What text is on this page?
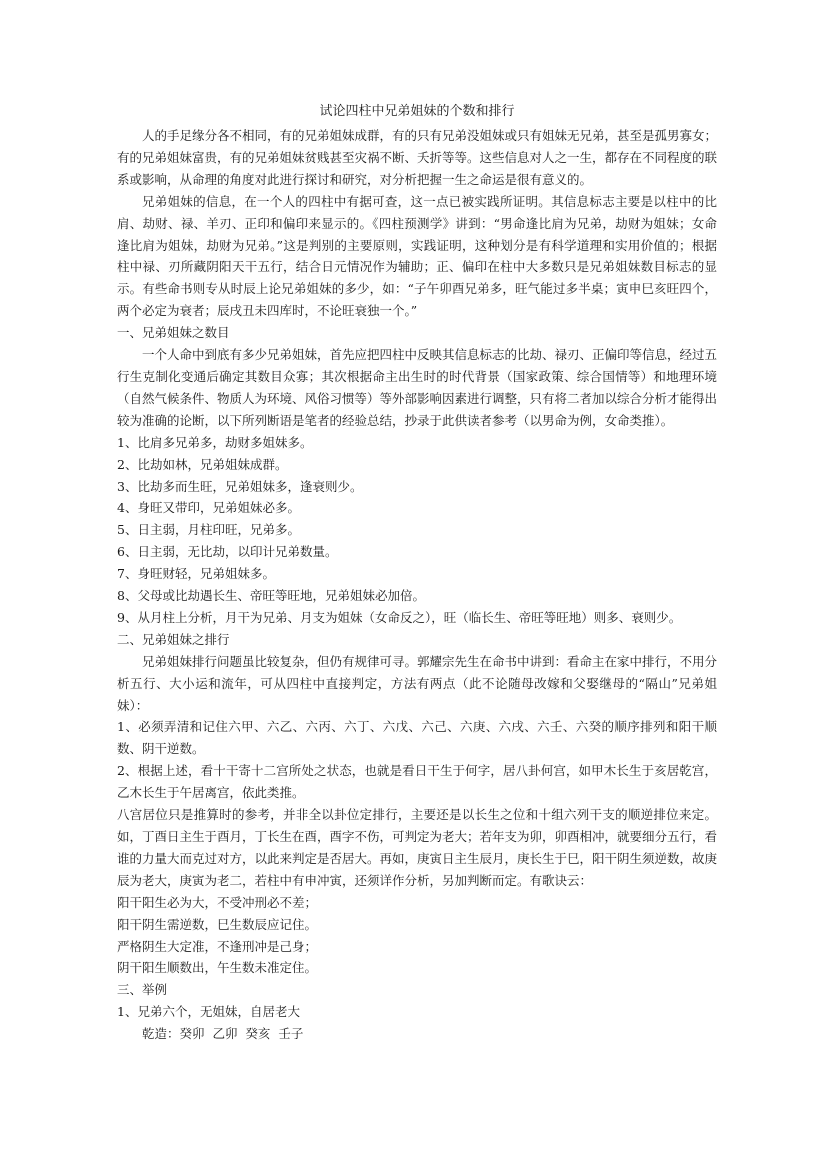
试论四柱中兄弟姐妹的个数和排行

人的手足缘分各不相同，有的兄弟姐妹成群，有的只有兄弟没姐妹或只有姐妹无兄弟，甚至是孤男寡女；有的兄弟姐妹富贵，有的兄弟姐妹贫贱甚至灾祸不断、夭折等等。这些信息对人之一生，都存在不同程度的联系或影响，从命理的角度对此进行探讨和研究，对分析把握一生之命运是很有意义的。

兄弟姐妹的信息，在一个人的四柱中有据可查，这一点已被实践所证明。其信息标志主要是以柱中的比肩、劫财、禄、羊刃、正印和偏印来显示的。《四柱预测学》讲到：“男命逢比肩为兄弟，劫财为姐妹；女命逢比肩为姐妹，劫财为兄弟。”这是判别的主要原则，实践证明，这种划分是有科学道理和实用价值的；根据柱中禄、刃所藏阴阳天干五行，结合日元情况作为辅助；正、偏印在柱中大多数只是兄弟姐妹数目标志的显示。有些命书则专从时辰上论兄弟姐妹的多少，如：“子午卯酉兄弟多，旺气能过多半桌；寅申巳亥旺四个，两个必定为衰者；辰戌丑未四库时，不论旺衰独一个。”

一、兄弟姐妹之数目

一个人命中到底有多少兄弟姐妹，首先应把四柱中反映其信息标志的比劫、禄刃、正偏印等信息，经过五行生克制化变通后确定其数目众寡；其次根据命主出生时的时代背景（国家政策、综合国情等）和地理环境（自然气候条件、物质人为环境、风俗习惯等）等外部影响因素进行调整，只有将二者加以综合分析才能得出较为准确的论断，以下所列断语是笔者的经验总结，抄录于此供读者参考（以男命为例，女命类推）。

1、比肩多兄弟多，劫财多姐妹多。

2、比劫如林，兄弟姐妹成群。

3、比劫多而生旺，兄弟姐妹多，逢衰则少。

4、身旺又带印，兄弟姐妹必多。

5、日主弱，月柱印旺，兄弟多。

6、日主弱，无比劫，以印计兄弟数量。

7、身旺财轻，兄弟姐妹多。

8、父母或比劫遇长生、帝旺等旺地，兄弟姐妹必加倍。

9、从月柱上分析，月干为兄弟、月支为姐妹（女命反之），旺（临长生、帝旺等旺地）则多、衰则少。

二、兄弟姐妹之排行

兄弟姐妹排行问题虽比较复杂，但仍有规律可寻。郭耀宗先生在命书中讲到：看命主在家中排行，不用分析五行、大小运和流年，可从四柱中直接判定，方法有两点（此不论随母改嫁和父娶继母的“隔山”兄弟姐妹）：

1、必须弄清和记住六甲、六乙、六丙、六丁、六戊、六己、六庚、六戌、六壬、六癸的顺序排列和阳干顺数、阴干逆数。

2、根据上述，看十干寄十二宫所处之状态，也就是看日干生于何字，居八卦何宫，如甲木长生于亥居乾宫，乙木长生于午居离宫，依此类推。

八宫居位只是推算时的参考，并非全以卦位定排行，主要还是以长生之位和十组六列干支的顺逆排位来定。如，丁酉日主生于酉月，丁长生在酉，酉字不伤，可判定为老大；若年支为卯，卯酉相冲，就要细分五行，看谁的力量大而克过对方，以此来判定是否居大。再如，庚寅日主生辰月，庚长生于巳，阳干阴生须逆数，故庚辰为老大，庚寅为老二，若柱中有申冲寅，还须详作分析，另加判断而定。有歌诀云：

阳干阳生必为大，不受冲刑必不差；

阳干阴生需逆数，巳生数辰应记住。

严格阴生大定准，不逢刑冲是己身；

阴干阳生顺数出，午生数未准定住。

三、举例

1、兄弟六个，无姐妹，自居老大

乾造：癸卯  乙卯  癸亥  壬子
